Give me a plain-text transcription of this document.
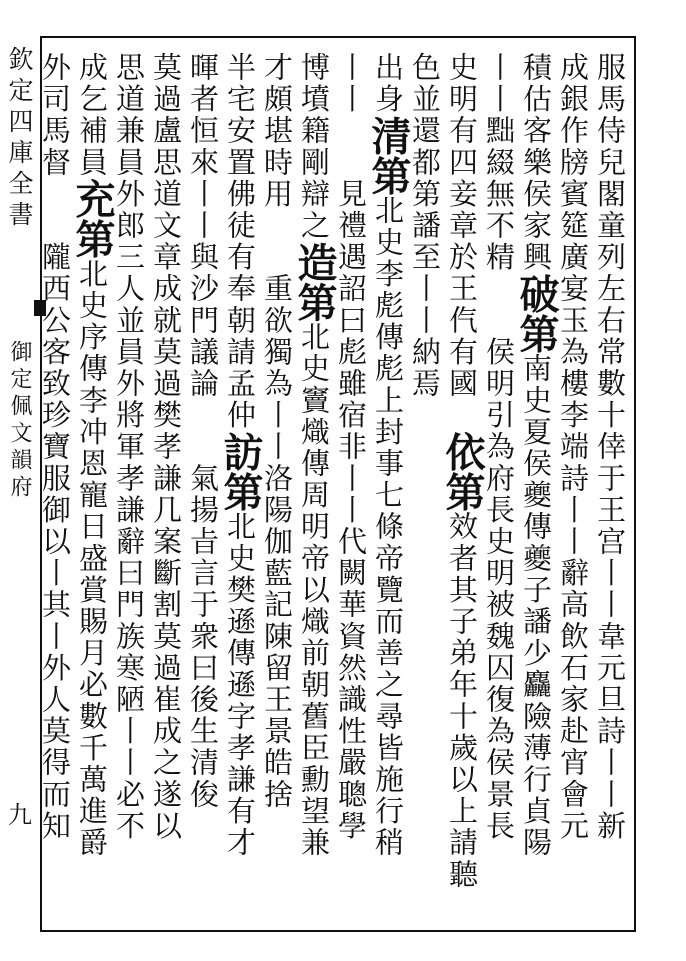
欽定四庫全書
御定佩文韻府
九	服馬侍兒閣童列左右常數十倖于王宫丨丨韋元旦詩丨丨新
成銀作牓賓筵廣宴玉為樓李端詩丨丨辭高飲石家赴宵會元
積估客樂侯家興破第南史夏侯夔傳夔子譒少麤險薄行貞陽
丨丨黜綴無不精　　侯明引為府長史明被魏囚復為侯景長
史明有四妾章於王㐹有國　依第效者其子弟年十歲以上請聽
色並還都第譒至丨丨納焉
出身清第北史李彪傳彪上封事七條帝覽而善之尋皆施行稍
丨丨　　見禮遇詔曰彪雖宿非丨丨代闕華資然識性嚴聰學
博墳籍剛辯之造第北史竇熾傳周明帝以熾前朝舊臣勳望兼
才頗堪時用　　重欲獨為丨丨洛陽伽藍記陳留王景皓捨
半宅安置佛徒有奉朝請孟仲訪第北史樊遜傳遜字孝謙有才
暉者恒來丨丨與沙門議論　　氣揚㫖言于衆曰後生清俊
莫過盧思道文章成就莫過樊孝謙几案斷割莫過崔成之遂以
思道兼員外郎三人並員外將軍孝謙辭曰門族寒陋丨丨必不
成乞補員充第北史序傳李冲恩寵日盛賞賜月必數千萬進爵
外司馬督　　隴西公客致珍寶服御以丨其丨外人莫得而知
